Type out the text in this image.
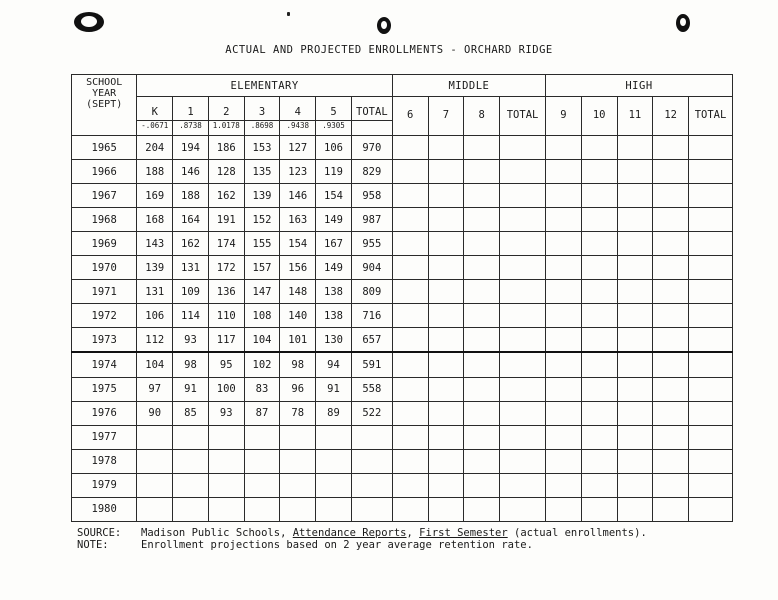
ACTUAL AND PROJECTED ENROLLMENTS - ORCHARD RIDGE
SCHOOL
YEAR
(SEPT)	ELEMENTARY							MIDDLE				HIGH				
	K	1	2	3	4	5	TOTAL	6	7	8	TOTAL	9	10	11	12	TOTAL
	-.0671	.8738	1.0178	.8698	.9438	.9305										
1965	204	194	186	153	127	106	970									
1966	188	146	128	135	123	119	829									
1967	169	188	162	139	146	154	958									
1968	168	164	191	152	163	149	987									
1969	143	162	174	155	154	167	955									
1970	139	131	172	157	156	149	904									
1971	131	109	136	147	148	138	809									
1972	106	114	110	108	140	138	716									
1973	112	93	117	104	101	130	657									
1974	104	98	95	102	98	94	591									
1975	97	91	100	83	96	91	558									
1976	90	85	93	87	78	89	522									
1977																
1978																
1979																
1980																
SOURCE:	Madison Public Schools, Attendance Reports, First Semester (actual enrollments).
NOTE:	Enrollment projections based on 2 year average retention rate.
